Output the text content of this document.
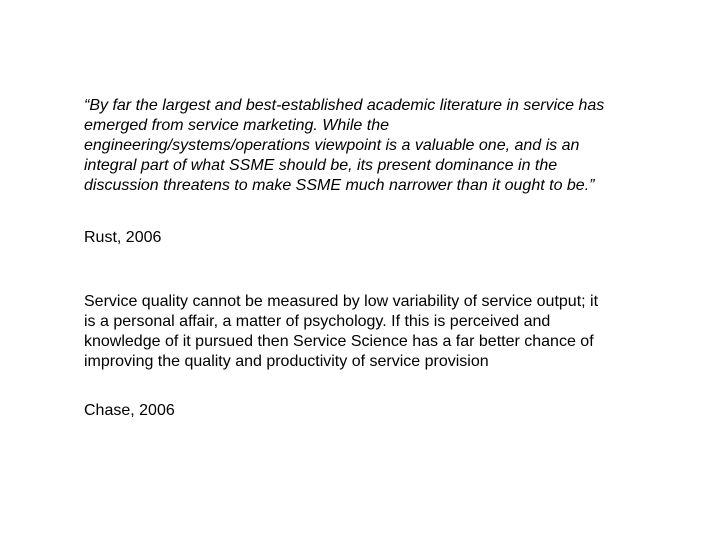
“By far the largest and best-established academic literature in service has
emerged from service marketing. While the
engineering/systems/operations viewpoint is a valuable one, and is an
integral part of what SSME should be, its present dominance in the
discussion threatens to make SSME much narrower than it ought to be.”
Rust, 2006
Service quality cannot be measured by low variability of service output; it
is a personal affair, a matter of psychology. If this is perceived and
knowledge of it pursued then Service Science has a far better chance of
improving the quality and productivity of service provision
Chase, 2006
